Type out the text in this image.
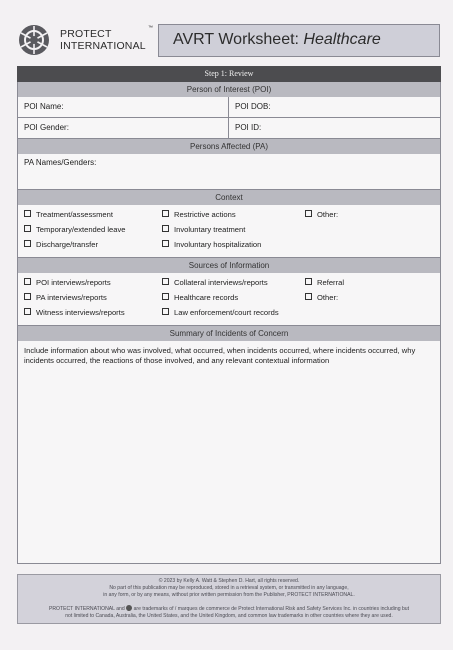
PROTECT
INTERNATIONAL
™
AVRT Worksheet: Healthcare
Step 1: Review
Person of Interest (POI)
POI Name:	POI DOB:
POI Gender:	POI ID:
Persons Affected (PA)
PA Names/Genders:
Context
Treatment/assessment	Restrictive actions	Other:
Temporary/extended leave	Involuntary treatment
Discharge/transfer	Involuntary hospitalization
Sources of Information
POI interviews/reports	Collateral interviews/reports	Referral
PA interviews/reports	Healthcare records	Other:
Witness interviews/reports	Law enforcement/court records
Summary of Incidents of Concern
Include information about who was involved, what occurred, when incidents occurred, where incidents occurred, why incidents occurred, the reactions of those involved, and any relevant contextual information

© 2023 by Kelly A. Watt & Stephen D. Hart, all rights reserved.

No part of this publication may be reproduced, stored in a retrieval system, or transmitted in any language,

in any form, or by any means, without prior written permission from the Publisher, PROTECT INTERNATIONAL.

PROTECT INTERNATIONAL and are trademarks of / marques de commerce de Protect International Risk and Safety Services Inc. in countries including but

not limited to Canada, Australia, the United States, and the United Kingdom, and common law trademarks in other countries where they are used.
